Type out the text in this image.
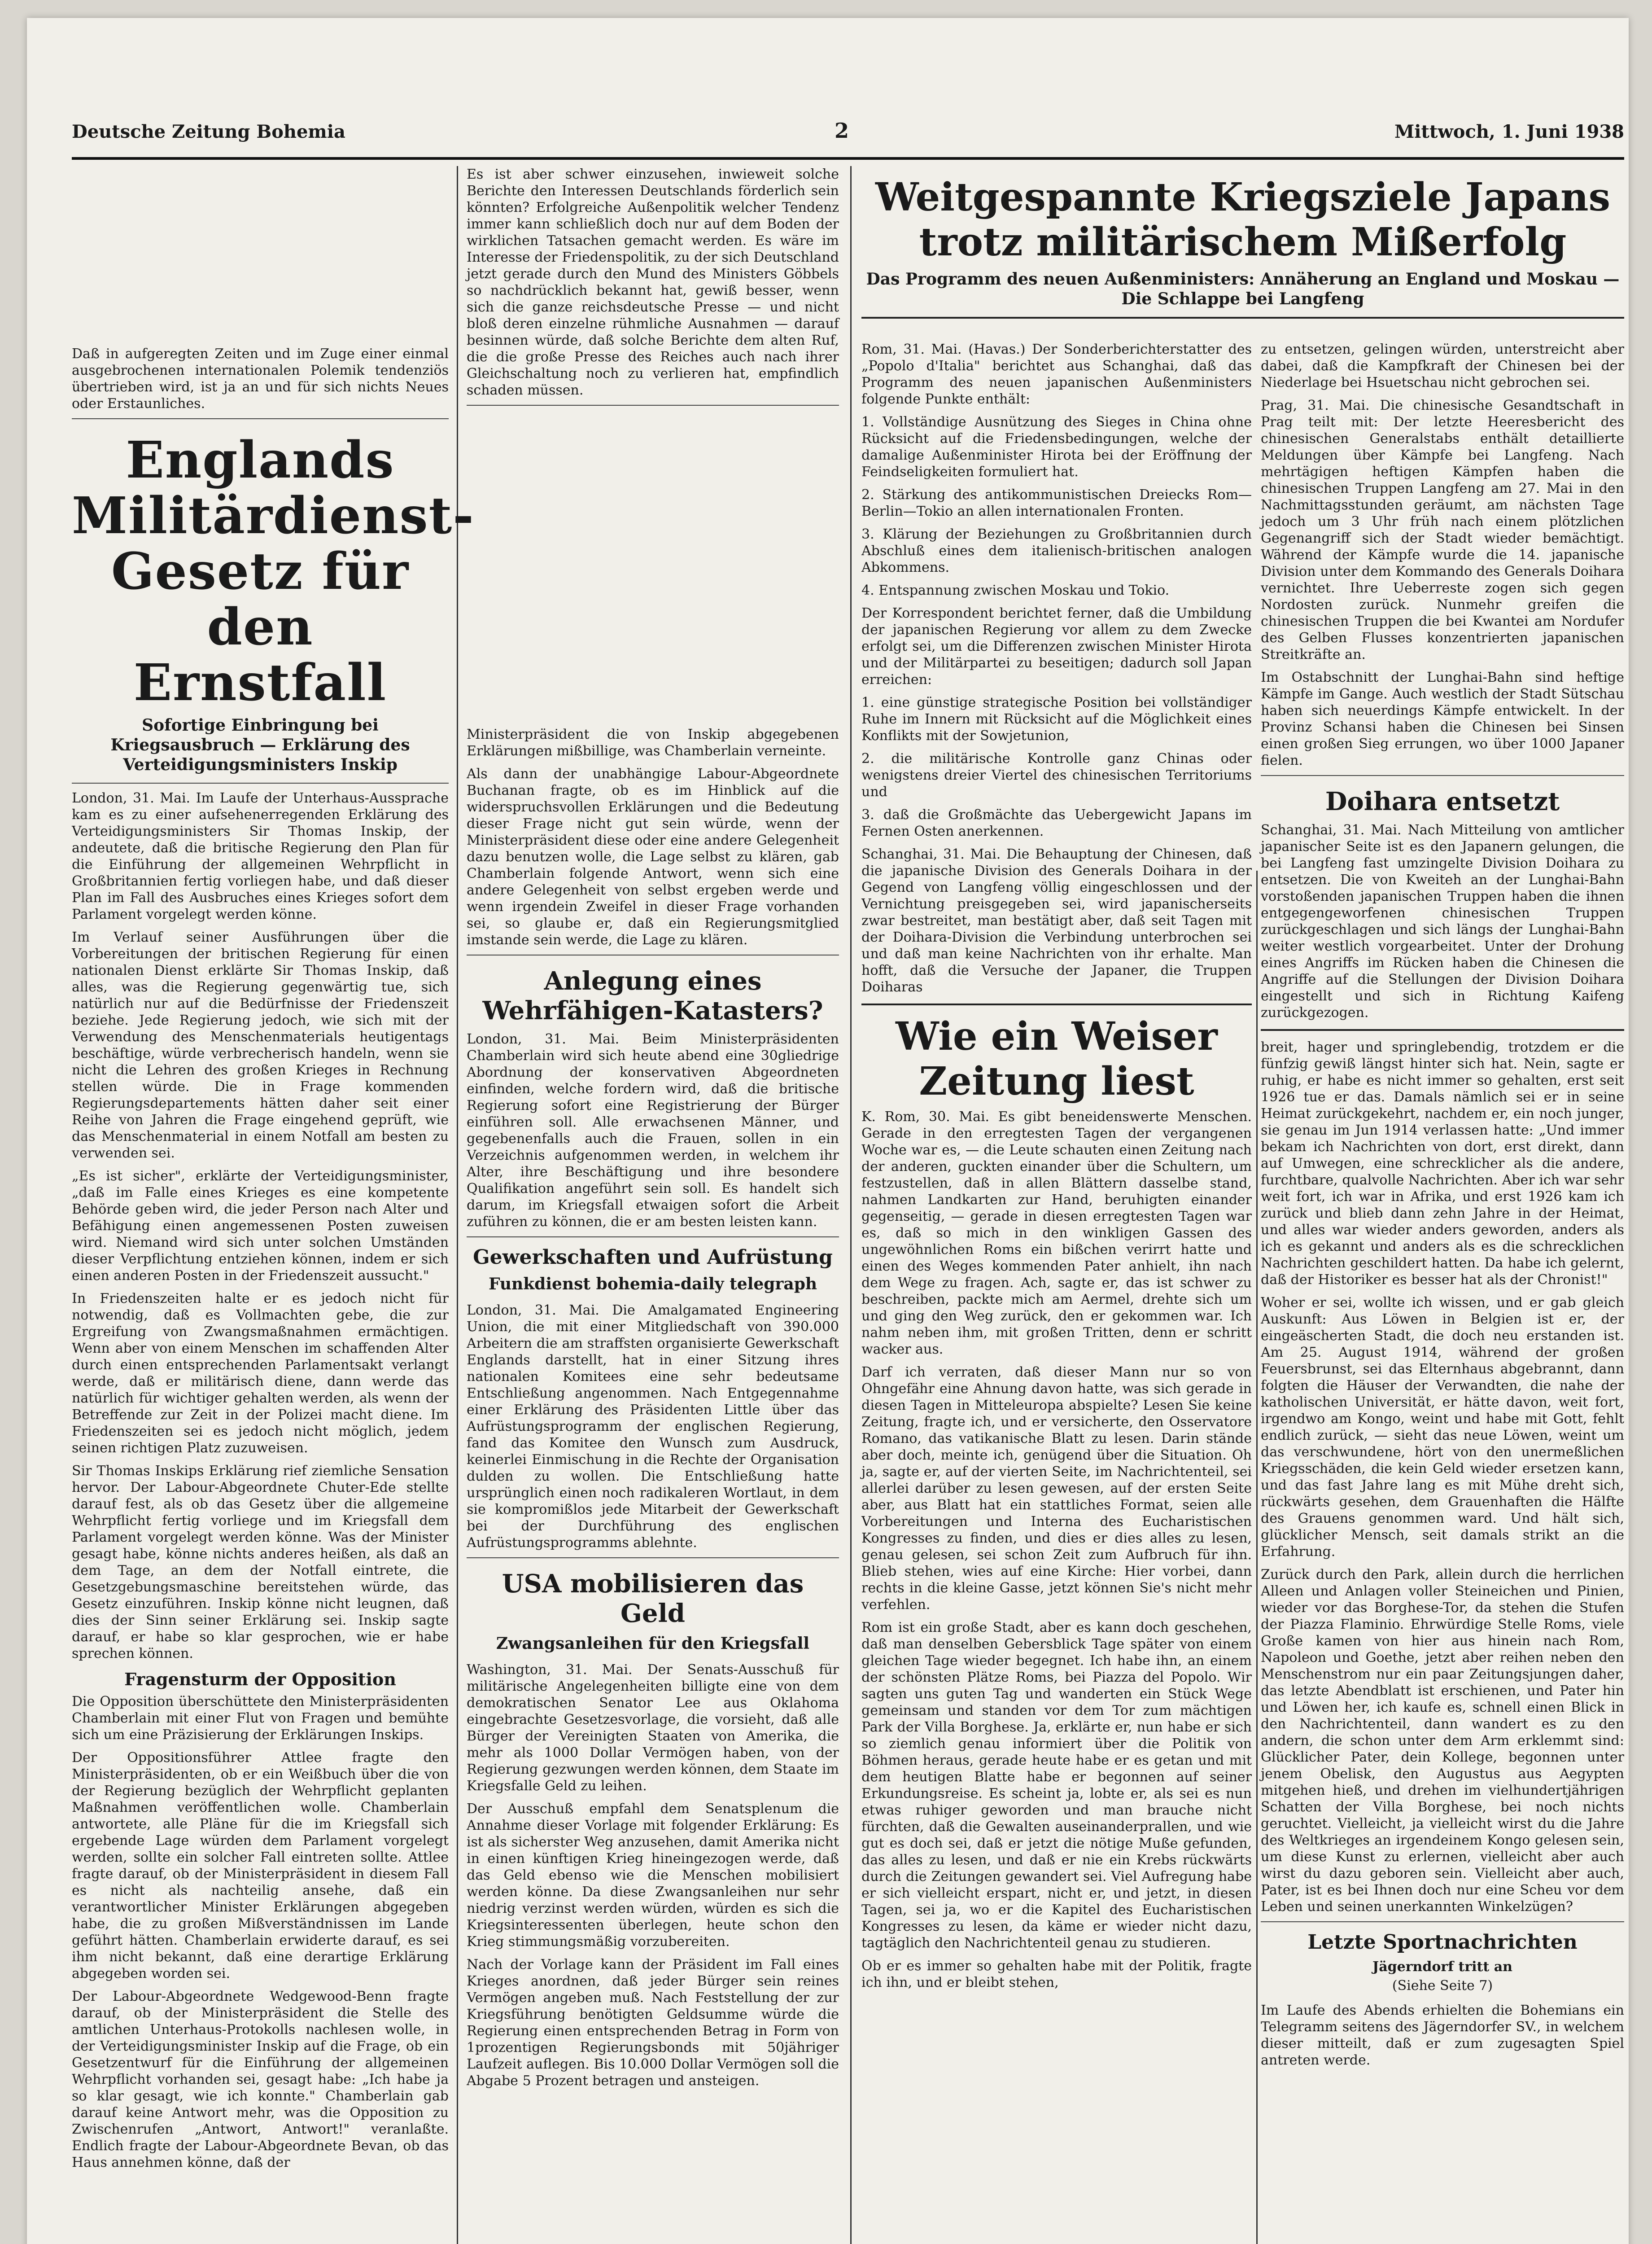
Deutsche Zeitung Bohemia	2	Mittwoch, 1. Juni 1938

Daß in aufgeregten Zeiten und im Zuge einer einmal ausgebrochenen internationalen Polemik tendenziös übertrieben wird, ist ja an und für sich nichts Neues oder Erstaunliches.

Englands Militärdienst-Gesetz für den Ernstfall
Sofortige Einbringung bei Kriegsausbruch — Erklärung des Verteidigungsministers Inskip

London, 31. Mai. Im Laufe der Unterhaus-Aussprache kam es zu einer aufsehenerregenden Erklärung des Verteidigungsministers Sir Thomas Inskip, der andeutete, daß die britische Regierung den Plan für die Einführung der allgemeinen Wehrpflicht in Großbritannien fertig vorliegen habe, und daß dieser Plan im Fall des Ausbruches eines Krieges sofort dem Parlament vorgelegt werden könne.

Im Verlauf seiner Ausführungen über die Vorbereitungen der britischen Regierung für einen nationalen Dienst erklärte Sir Thomas Inskip, daß alles, was die Regierung gegenwärtig tue, sich natürlich nur auf die Bedürfnisse der Friedenszeit beziehe. Jede Regierung jedoch, wie sich mit der Verwendung des Menschenmaterials heutigentags beschäftige, würde verbrecherisch handeln, wenn sie nicht die Lehren des großen Krieges in Rechnung stellen würde. Die in Frage kommenden Regierungsdepartements hätten daher seit einer Reihe von Jahren die Frage eingehend geprüft, wie das Menschenmaterial in einem Notfall am besten zu verwenden sei.

„Es ist sicher", erklärte der Verteidigungsminister, „daß im Falle eines Krieges es eine kompetente Behörde geben wird, die jeder Person nach Alter und Befähigung einen angemessenen Posten zuweisen wird. Niemand wird sich unter solchen Umständen dieser Verpflichtung entziehen können, indem er sich einen anderen Posten in der Friedenszeit aussucht."

In Friedenszeiten halte er es jedoch nicht für notwendig, daß es Vollmachten gebe, die zur Ergreifung von Zwangsmaßnahmen ermächtigen. Wenn aber von einem Menschen im schaffenden Alter durch einen entsprechenden Parlamentsakt verlangt werde, daß er militärisch diene, dann werde das natürlich für wichtiger gehalten werden, als wenn der Betreffende zur Zeit in der Polizei macht diene. Im Friedenszeiten sei es jedoch nicht möglich, jedem seinen richtigen Platz zuzuweisen.

Sir Thomas Inskips Erklärung rief ziemliche Sensation hervor. Der Labour-Abgeordnete Chuter-Ede stellte darauf fest, als ob das Gesetz über die allgemeine Wehrpflicht fertig vorliege und im Kriegsfall dem Parlament vorgelegt werden könne. Was der Minister gesagt habe, könne nichts anderes heißen, als daß an dem Tage, an dem der Notfall eintrete, die Gesetzgebungsmaschine bereitstehen würde, das Gesetz einzuführen. Inskip könne nicht leugnen, daß dies der Sinn seiner Erklärung sei. Inskip sagte darauf, er habe so klar gesprochen, wie er habe sprechen können.

Fragensturm der Opposition

Die Opposition überschüttete den Ministerpräsidenten Chamberlain mit einer Flut von Fragen und bemühte sich um eine Präzisierung der Erklärungen Inskips.

Der Oppositionsführer Attlee fragte den Ministerpräsidenten, ob er ein Weißbuch über die von der Regierung bezüglich der Wehrpflicht geplanten Maßnahmen veröffentlichen wolle. Chamberlain antwortete, alle Pläne für die im Kriegsfall sich ergebende Lage würden dem Parlament vorgelegt werden, sollte ein solcher Fall eintreten sollte. Attlee fragte darauf, ob der Ministerpräsident in diesem Fall es nicht als nachteilig ansehe, daß ein verantwortlicher Minister Erklärungen abgegeben habe, die zu großen Mißverständnissen im Lande geführt hätten. Chamberlain erwiderte darauf, es sei ihm nicht bekannt, daß eine derartige Erklärung abgegeben worden sei.

Der Labour-Abgeordnete Wedgewood-Benn fragte darauf, ob der Ministerpräsident die Stelle des amtlichen Unterhaus-Protokolls nachlesen wolle, in der Verteidigungsminister Inskip auf die Frage, ob ein Gesetzentwurf für die Einführung der allgemeinen Wehrpflicht vorhanden sei, gesagt habe: „Ich habe ja so klar gesagt, wie ich konnte." Chamberlain gab darauf keine Antwort mehr, was die Opposition zu Zwischenrufen „Antwort, Antwort!" veranlaßte. Endlich fragte der Labour-Abgeordnete Bevan, ob das Haus annehmen könne, daß der

Es ist aber schwer einzusehen, inwieweit solche Berichte den Interessen Deutschlands förderlich sein könnten? Erfolgreiche Außenpolitik welcher Tendenz immer kann schließlich doch nur auf dem Boden der wirklichen Tatsachen gemacht werden. Es wäre im Interesse der Friedenspolitik, zu der sich Deutschland jetzt gerade durch den Mund des Ministers Göbbels so nachdrücklich bekannt hat, gewiß besser, wenn sich die ganze reichsdeutsche Presse — und nicht bloß deren einzelne rühmliche Ausnahmen — darauf besinnen würde, daß solche Berichte dem alten Ruf, die die große Presse des Reiches auch nach ihrer Gleichschaltung noch zu verlieren hat, empfindlich schaden müssen.

Ministerpräsident die von Inskip abgegebenen Erklärungen mißbillige, was Chamberlain verneinte.

Als dann der unabhängige Labour-Abgeordnete Buchanan fragte, ob es im Hinblick auf die widerspruchsvollen Erklärungen und die Bedeutung dieser Frage nicht gut sein würde, wenn der Ministerpräsident diese oder eine andere Gelegenheit dazu benutzen wolle, die Lage selbst zu klären, gab Chamberlain folgende Antwort, wenn sich eine andere Gelegenheit von selbst ergeben werde und wenn irgendein Zweifel in dieser Frage vorhanden sei, so glaube er, daß ein Regierungsmitglied imstande sein werde, die Lage zu klären.

Anlegung eines Wehrfähigen-Katasters?

London, 31. Mai. Beim Ministerpräsidenten Chamberlain wird sich heute abend eine 30gliedrige Abordnung der konservativen Abgeordneten einfinden, welche fordern wird, daß die britische Regierung sofort eine Registrierung der Bürger einführen soll. Alle erwachsenen Männer, und gegebenenfalls auch die Frauen, sollen in ein Verzeichnis aufgenommen werden, in welchem ihr Alter, ihre Beschäftigung und ihre besondere Qualifikation angeführt sein soll. Es handelt sich darum, im Kriegsfall etwaigen sofort die Arbeit zuführen zu können, die er am besten leisten kann.

Gewerkschaften und Aufrüstung
Funkdienst bohemia-daily telegraph

London, 31. Mai. Die Amalgamated Engineering Union, die mit einer Mitgliedschaft von 390.000 Arbeitern die am straffsten organisierte Gewerkschaft Englands darstellt, hat in einer Sitzung ihres nationalen Komitees eine sehr bedeutsame Entschließung angenommen. Nach Entgegennahme einer Erklärung des Präsidenten Little über das Aufrüstungsprogramm der englischen Regierung, fand das Komitee den Wunsch zum Ausdruck, keinerlei Einmischung in die Rechte der Organisation dulden zu wollen. Die Entschließung hatte ursprünglich einen noch radikaleren Wortlaut, in dem sie kompromißlos jede Mitarbeit der Gewerkschaft bei der Durchführung des englischen Aufrüstungsprogramms ablehnte.

USA mobilisieren das Geld
Zwangsanleihen für den Kriegsfall

Washington, 31. Mai. Der Senats-Ausschuß für militärische Angelegenheiten billigte eine von dem demokratischen Senator Lee aus Oklahoma eingebrachte Gesetzesvorlage, die vorsieht, daß alle Bürger der Vereinigten Staaten von Amerika, die mehr als 1000 Dollar Vermögen haben, von der Regierung gezwungen werden können, dem Staate im Kriegsfalle Geld zu leihen.

Der Ausschuß empfahl dem Senatsplenum die Annahme dieser Vorlage mit folgender Erklärung: Es ist als sicherster Weg anzusehen, damit Amerika nicht in einen künftigen Krieg hineingezogen werde, daß das Geld ebenso wie die Menschen mobilisiert werden könne. Da diese Zwangsanleihen nur sehr niedrig verzinst werden würden, würden es sich die Kriegsinteressenten überlegen, heute schon den Krieg stimmungsmäßig vorzubereiten.

Nach der Vorlage kann der Präsident im Fall eines Krieges anordnen, daß jeder Bürger sein reines Vermögen angeben muß. Nach Feststellung der zur Kriegsführung benötigten Geldsumme würde die Regierung einen entsprechenden Betrag in Form von 1prozentigen Regierungsbonds mit 50jähriger Laufzeit auflegen. Bis 10.000 Dollar Vermögen soll die Abgabe 5 Prozent betragen und ansteigen.

Weitgespannte Kriegsziele Japans trotz militärischem Mißerfolg
Das Programm des neuen Außenministers: Annäherung an England und Moskau — Die Schlappe bei Langfeng

Rom, 31. Mai. (Havas.) Der Sonderberichterstatter des „Popolo d'Italia" berichtet aus Schanghai, daß das Programm des neuen japanischen Außenministers folgende Punkte enthält:

1. Vollständige Ausnützung des Sieges in China ohne Rücksicht auf die Friedensbedingungen, welche der damalige Außenminister Hirota bei der Eröffnung der Feindseligkeiten formuliert hat.

2. Stärkung des antikommunistischen Dreiecks Rom—Berlin—Tokio an allen internationalen Fronten.

3. Klärung der Beziehungen zu Großbritannien durch Abschluß eines dem italienisch-britischen analogen Abkommens.

4. Entspannung zwischen Moskau und Tokio.

Der Korrespondent berichtet ferner, daß die Umbildung der japanischen Regierung vor allem zu dem Zwecke erfolgt sei, um die Differenzen zwischen Minister Hirota und der Militärpartei zu beseitigen; dadurch soll Japan erreichen:

1. eine günstige strategische Position bei vollständiger Ruhe im Innern mit Rücksicht auf die Möglichkeit eines Konflikts mit der Sowjetunion,

2. die militärische Kontrolle ganz Chinas oder wenigstens dreier Viertel des chinesischen Territoriums und

3. daß die Großmächte das Uebergewicht Japans im Fernen Osten anerkennen.

Schanghai, 31. Mai. Die Behauptung der Chinesen, daß die japanische Division des Generals Doihara in der Gegend von Langfeng völlig eingeschlossen und der Vernichtung preisgegeben sei, wird japanischerseits zwar bestreitet, man bestätigt aber, daß seit Tagen mit der Doihara-Division die Verbindung unterbrochen sei und daß man keine Nachrichten von ihr erhalte. Man hofft, daß die Versuche der Japaner, die Truppen Doiharas

Wie ein Weiser Zeitung liest

K. Rom, 30. Mai. Es gibt beneidenswerte Menschen. Gerade in den erregtesten Tagen der vergangenen Woche war es, — die Leute schauten einen Zeitung nach der anderen, guckten einander über die Schultern, um festzustellen, daß in allen Blättern dasselbe stand, nahmen Landkarten zur Hand, beruhigten einander gegenseitig, — gerade in diesen erregtesten Tagen war es, daß so mich in den winkligen Gassen des ungewöhnlichen Roms ein bißchen verirrt hatte und einen des Weges kommenden Pater anhielt, ihn nach dem Wege zu fragen. Ach, sagte er, das ist schwer zu beschreiben, packte mich am Aermel, drehte sich um und ging den Weg zurück, den er gekommen war. Ich nahm neben ihm, mit großen Tritten, denn er schritt wacker aus.

Darf ich verraten, daß dieser Mann nur so von Ohngefähr eine Ahnung davon hatte, was sich gerade in diesen Tagen in Mitteleuropa abspielte? Lesen Sie keine Zeitung, fragte ich, und er versicherte, den Osservatore Romano, das vatikanische Blatt zu lesen. Darin stände aber doch, meinte ich, genügend über die Situation. Oh ja, sagte er, auf der vierten Seite, im Nachrichtenteil, sei allerlei darüber zu lesen gewesen, auf der ersten Seite aber, aus Blatt hat ein stattliches Format, seien alle Vorbereitungen und Interna des Eucharistischen Kongresses zu finden, und dies er dies alles zu lesen, genau gelesen, sei schon Zeit zum Aufbruch für ihn. Blieb stehen, wies auf eine Kirche: Hier vorbei, dann rechts in die kleine Gasse, jetzt können Sie's nicht mehr verfehlen.

Rom ist ein große Stadt, aber es kann doch geschehen, daß man denselben Gebersblick Tage später von einem gleichen Tage wieder begegnet. Ich habe ihn, an einem der schönsten Plätze Roms, bei Piazza del Popolo. Wir sagten uns guten Tag und wanderten ein Stück Wege gemeinsam und standen vor dem Tor zum mächtigen Park der Villa Borghese. Ja, erklärte er, nun habe er sich so ziemlich genau informiert über die Politik von Böhmen heraus, gerade heute habe er es getan und mit dem heutigen Blatte habe er begonnen auf seiner Erkundungsreise. Es scheint ja, lobte er, als sei es nun etwas ruhiger geworden und man brauche nicht fürchten, daß die Gewalten auseinanderprallen, und wie gut es doch sei, daß er jetzt die nötige Muße gefunden, das alles zu lesen, und daß er nie ein Krebs rückwärts durch die Zeitungen gewandert sei. Viel Aufregung habe er sich vielleicht erspart, nicht er, und jetzt, in diesen Tagen, sei ja, wo er die Kapitel des Eucharistischen Kongresses zu lesen, da käme er wieder nicht dazu, tagtäglich den Nachrichtenteil genau zu studieren.

Ob er es immer so gehalten habe mit der Politik, fragte ich ihn, und er bleibt stehen,

zu entsetzen, gelingen würden, unterstreicht aber dabei, daß die Kampfkraft der Chinesen bei der Niederlage bei Hsuetschau nicht gebrochen sei.

Prag, 31. Mai. Die chinesische Gesandtschaft in Prag teilt mit: Der letzte Heeresbericht des chinesischen Generalstabs enthält detaillierte Meldungen über Kämpfe bei Langfeng. Nach mehrtägigen heftigen Kämpfen haben die chinesischen Truppen Langfeng am 27. Mai in den Nachmittagsstunden geräumt, am nächsten Tage jedoch um 3 Uhr früh nach einem plötzlichen Gegenangriff sich der Stadt wieder bemächtigt. Während der Kämpfe wurde die 14. japanische Division unter dem Kommando des Generals Doihara vernichtet. Ihre Ueberreste zogen sich gegen Nordosten zurück. Nunmehr greifen die chinesischen Truppen die bei Kwantei am Nordufer des Gelben Flusses konzentrierten japanischen Streitkräfte an.

Im Ostabschnitt der Lunghai-Bahn sind heftige Kämpfe im Gange. Auch westlich der Stadt Sütschau haben sich neuerdings Kämpfe entwickelt. In der Provinz Schansi haben die Chinesen bei Sinsen einen großen Sieg errungen, wo über 1000 Japaner fielen.

Doihara entsetzt

Schanghai, 31. Mai. Nach Mitteilung von amtlicher japanischer Seite ist es den Japanern gelungen, die bei Langfeng fast umzingelte Division Doihara zu entsetzen. Die von Kweiteh an der Lunghai-Bahn vorstoßenden japanischen Truppen haben die ihnen entgegengeworfenen chinesischen Truppen zurückgeschlagen und sich längs der Lunghai-Bahn weiter westlich vorgearbeitet. Unter der Drohung eines Angriffs im Rücken haben die Chinesen die Angriffe auf die Stellungen der Division Doihara eingestellt und sich in Richtung Kaifeng zurückgezogen.

breit, hager und springlebendig, trotzdem er die fünfzig gewiß längst hinter sich hat. Nein, sagte er ruhig, er habe es nicht immer so gehalten, erst seit 1926 tue er das. Damals nämlich sei er in seine Heimat zurückgekehrt, nachdem er, ein noch junger, sie genau im Jun 1914 verlassen hatte: „Und immer bekam ich Nachrichten von dort, erst direkt, dann auf Umwegen, eine schrecklicher als die andere, furchtbare, qualvolle Nachrichten. Aber ich war sehr weit fort, ich war in Afrika, und erst 1926 kam ich zurück und blieb dann zehn Jahre in der Heimat, und alles war wieder anders geworden, anders als ich es gekannt und anders als es die schrecklichen Nachrichten geschildert hatten. Da habe ich gelernt, daß der Historiker es besser hat als der Chronist!"

Woher er sei, wollte ich wissen, und er gab gleich Auskunft: Aus Löwen in Belgien ist er, der eingeäscherten Stadt, die doch neu erstanden ist. Am 25. August 1914, während der großen Feuersbrunst, sei das Elternhaus abgebrannt, dann folgten die Häuser der Verwandten, die nahe der katholischen Universität, er hätte davon, weit fort, irgendwo am Kongo, weint und habe mit Gott, fehlt endlich zurück, — sieht das neue Löwen, weint um das verschwundene, hört von den unermeßlichen Kriegsschäden, die kein Geld wieder ersetzen kann, und das fast Jahre lang es mit Mühe dreht sich, rückwärts gesehen, dem Grauenhaften die Hälfte des Grauens genommen ward. Und hält sich, glücklicher Mensch, seit damals strikt an die Erfahrung.

Zurück durch den Park, allein durch die herrlichen Alleen und Anlagen voller Steineichen und Pinien, wieder vor das Borghese-Tor, da stehen die Stufen der Piazza Flaminio. Ehrwürdige Stelle Roms, viele Große kamen von hier aus hinein nach Rom, Napoleon und Goethe, jetzt aber reihen neben den Menschenstrom nur ein paar Zeitungsjungen daher, das letzte Abendblatt ist erschienen, und Pater hin und Löwen her, ich kaufe es, schnell einen Blick in den Nachrichtenteil, dann wandert es zu den andern, die schon unter dem Arm erklemmt sind: Glücklicher Pater, dein Kollege, begonnen unter jenem Obelisk, den Augustus aus Aegypten mitgehen hieß, und drehen im vielhundertjährigen Schatten der Villa Borghese, bei noch nichts geruchtet. Vielleicht, ja vielleicht wirst du die Jahre des Weltkrieges an irgendeinem Kongo gelesen sein, um diese Kunst zu erlernen, vielleicht aber auch wirst du dazu geboren sein. Vielleicht aber auch, Pater, ist es bei Ihnen doch nur eine Scheu vor dem Leben und seinen unerkannten Winkelzügen?

Letzte Sportnachrichten
Jägerndorf tritt an
(Siehe Seite 7)

Im Laufe des Abends erhielten die Bohemians ein Telegramm seitens des Jägerndorfer SV., in welchem dieser mitteilt, daß er zum zugesagten Spiel antreten werde.
